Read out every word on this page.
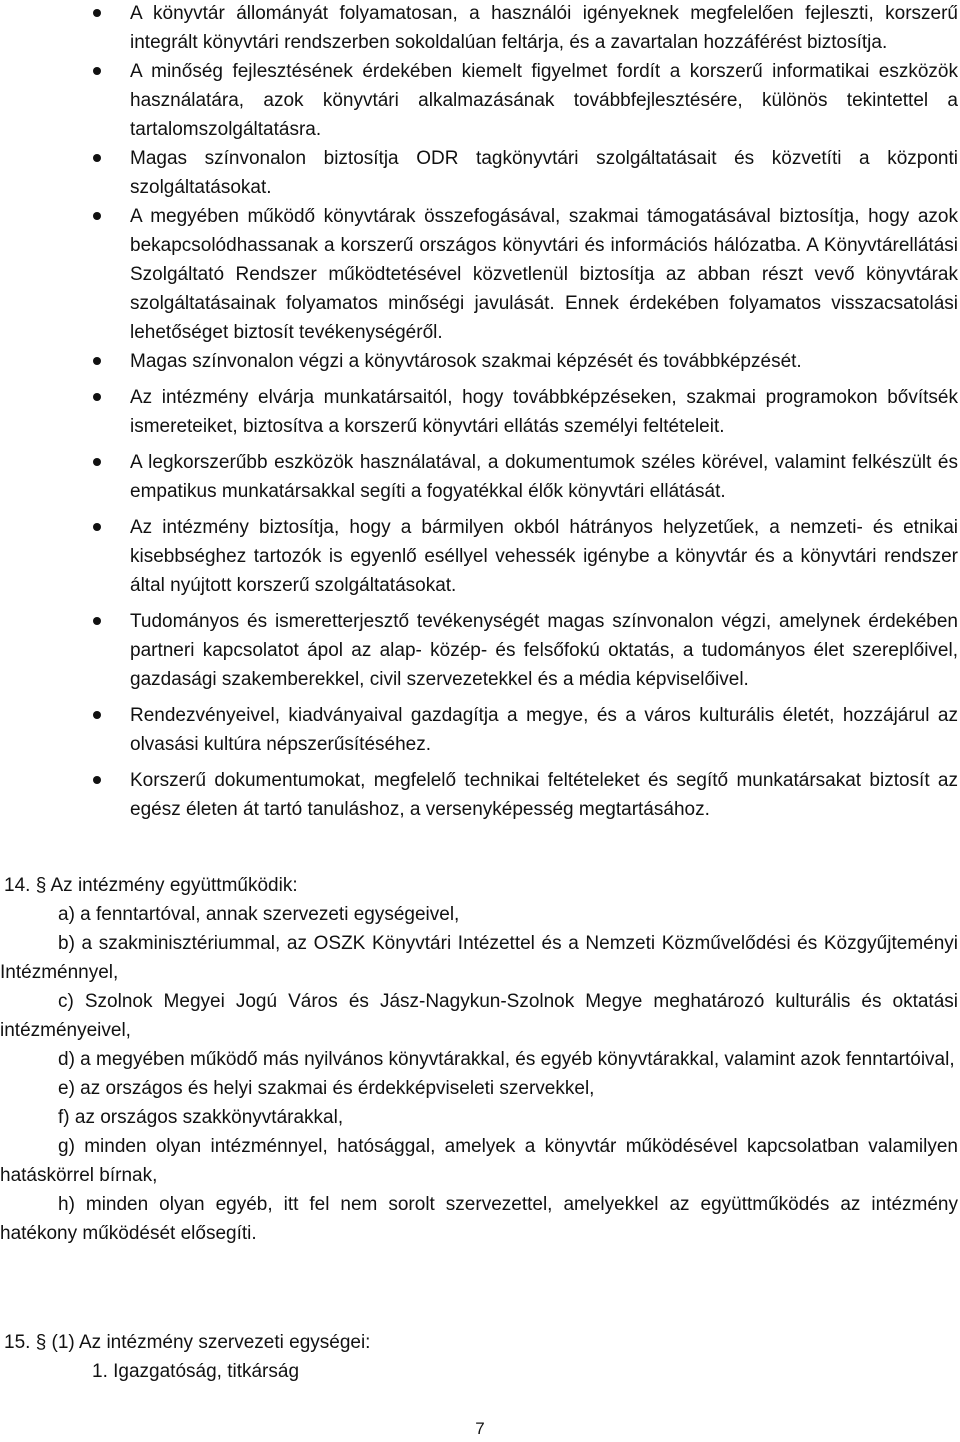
A könyvtár állományát folyamatosan, a használói igényeknek megfelelően fejleszti, korszerű integrált könyvtári rendszerben sokoldalúan feltárja, és a zavartalan hozzáférést biztosítja.
A minőség fejlesztésének érdekében kiemelt figyelmet fordít a korszerű informatikai eszközök használatára, azok könyvtári alkalmazásának továbbfejlesztésére, különös tekintettel a tartalomszolgáltatásra.
Magas színvonalon biztosítja ODR tagkönyvtári szolgáltatásait és közvetíti a központi szolgáltatásokat.
A megyében működő könyvtárak összefogásával, szakmai támogatásával biztosítja, hogy azok bekapcsolódhassanak a korszerű országos könyvtári és információs hálózatba. A Könyvtárellátási Szolgáltató Rendszer működtetésével közvetlenül biztosítja az abban részt vevő könyvtárak szolgáltatásainak folyamatos minőségi javulását. Ennek érdekében folyamatos visszacsatolási lehetőséget biztosít tevékenységéről.
Magas színvonalon végzi a könyvtárosok szakmai képzését és továbbképzését.
Az intézmény elvárja munkatársaitól, hogy továbbképzéseken, szakmai programokon bővítsék ismereteiket, biztosítva a korszerű könyvtári ellátás személyi feltételeit.
A legkorszerűbb eszközök használatával, a dokumentumok széles körével, valamint felkészült és empatikus munkatársakkal segíti a fogyatékkal élők könyvtári ellátását.
Az intézmény biztosítja, hogy a bármilyen okból hátrányos helyzetűek, a nemzeti- és etnikai kisebbséghez tartozók is egyenlő eséllyel vehessék igénybe a könyvtár és a könyvtári rendszer által nyújtott korszerű szolgáltatásokat.
Tudományos és ismeretterjesztő tevékenységét magas színvonalon végzi, amelynek érdekében partneri kapcsolatot ápol az alap- közép- és felsőfokú oktatás, a tudományos élet szereplőivel, gazdasági szakemberekkel, civil szervezetekkel és a média képviselőivel.
Rendezvényeivel, kiadványaival gazdagítja a megye, és a város kulturális életét, hozzájárul az olvasási kultúra népszerűsítéséhez.
Korszerű dokumentumokat, megfelelő technikai feltételeket és segítő munkatársakat biztosít az egész életen át tartó tanuláshoz, a versenyképesség megtartásához.
14. § Az intézmény együttműködik:
a) a fenntartóval, annak szervezeti egységeivel,
b) a szakminisztériummal, az OSZK Könyvtári Intézettel és a Nemzeti Közművelődési és Közgyűjteményi Intézménnyel,
c) Szolnok Megyei Jogú Város és Jász-Nagykun-Szolnok Megye meghatározó kulturális és oktatási intézményeivel,
d) a megyében működő más nyilvános könyvtárakkal, és egyéb könyvtárakkal, valamint azok fenntartóival,
e) az országos és helyi szakmai és érdekképviseleti szervekkel,
f) az országos szakkönyvtárakkal,
g) minden olyan intézménnyel, hatósággal, amelyek a könyvtár működésével kapcsolatban valamilyen hatáskörrel bírnak,
h) minden olyan egyéb, itt fel nem sorolt szervezettel, amelyekkel az együttműködés az intézmény hatékony működését elősegíti.
15. § (1) Az intézmény szervezeti egységei:
1. Igazgatóság, titkárság
7
